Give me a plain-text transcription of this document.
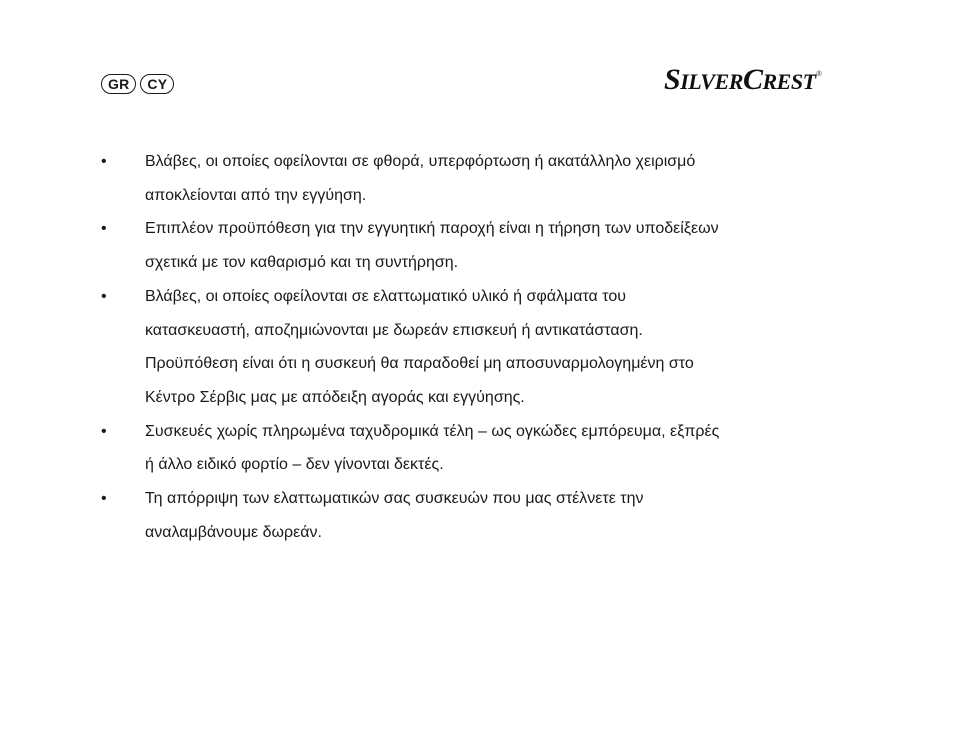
GR	CY	SILVERCREST ®
•	Βλάβες, οι οποίες οφείλονται σε φθορά, υπερφόρτωση ή ακατάλληλο χειρισμό
αποκλείονται από την εγγύηση.
•	Επιπλέον προϋπόθεση για την εγγυητική παροχή είναι η τήρηση των υποδείξεων
σχετικά με τον καθαρισμό και τη συντήρηση.
•	Βλάβες, οι οποίες οφείλονται σε ελαττωματικό υλικό ή σφάλματα του
κατασκευαστή, αποζημιώνονται με δωρεάν επισκευή ή αντικατάσταση.
Προϋπόθεση είναι ότι η συσκευή θα παραδοθεί μη αποσυναρμολογημένη στο
Κέντρο Σέρβις μας με απόδειξη αγοράς και εγγύησης.
•	Συσκευές χωρίς πληρωμένα ταχυδρομικά τέλη – ως ογκώδες εμπόρευμα, εξπρές
ή άλλο ειδικό φορτίο – δεν γίνονται δεκτές.
•	Τη απόρριψη των ελαττωματικών σας συσκευών που μας στέλνετε την
αναλαμβάνουμε δωρεάν.
